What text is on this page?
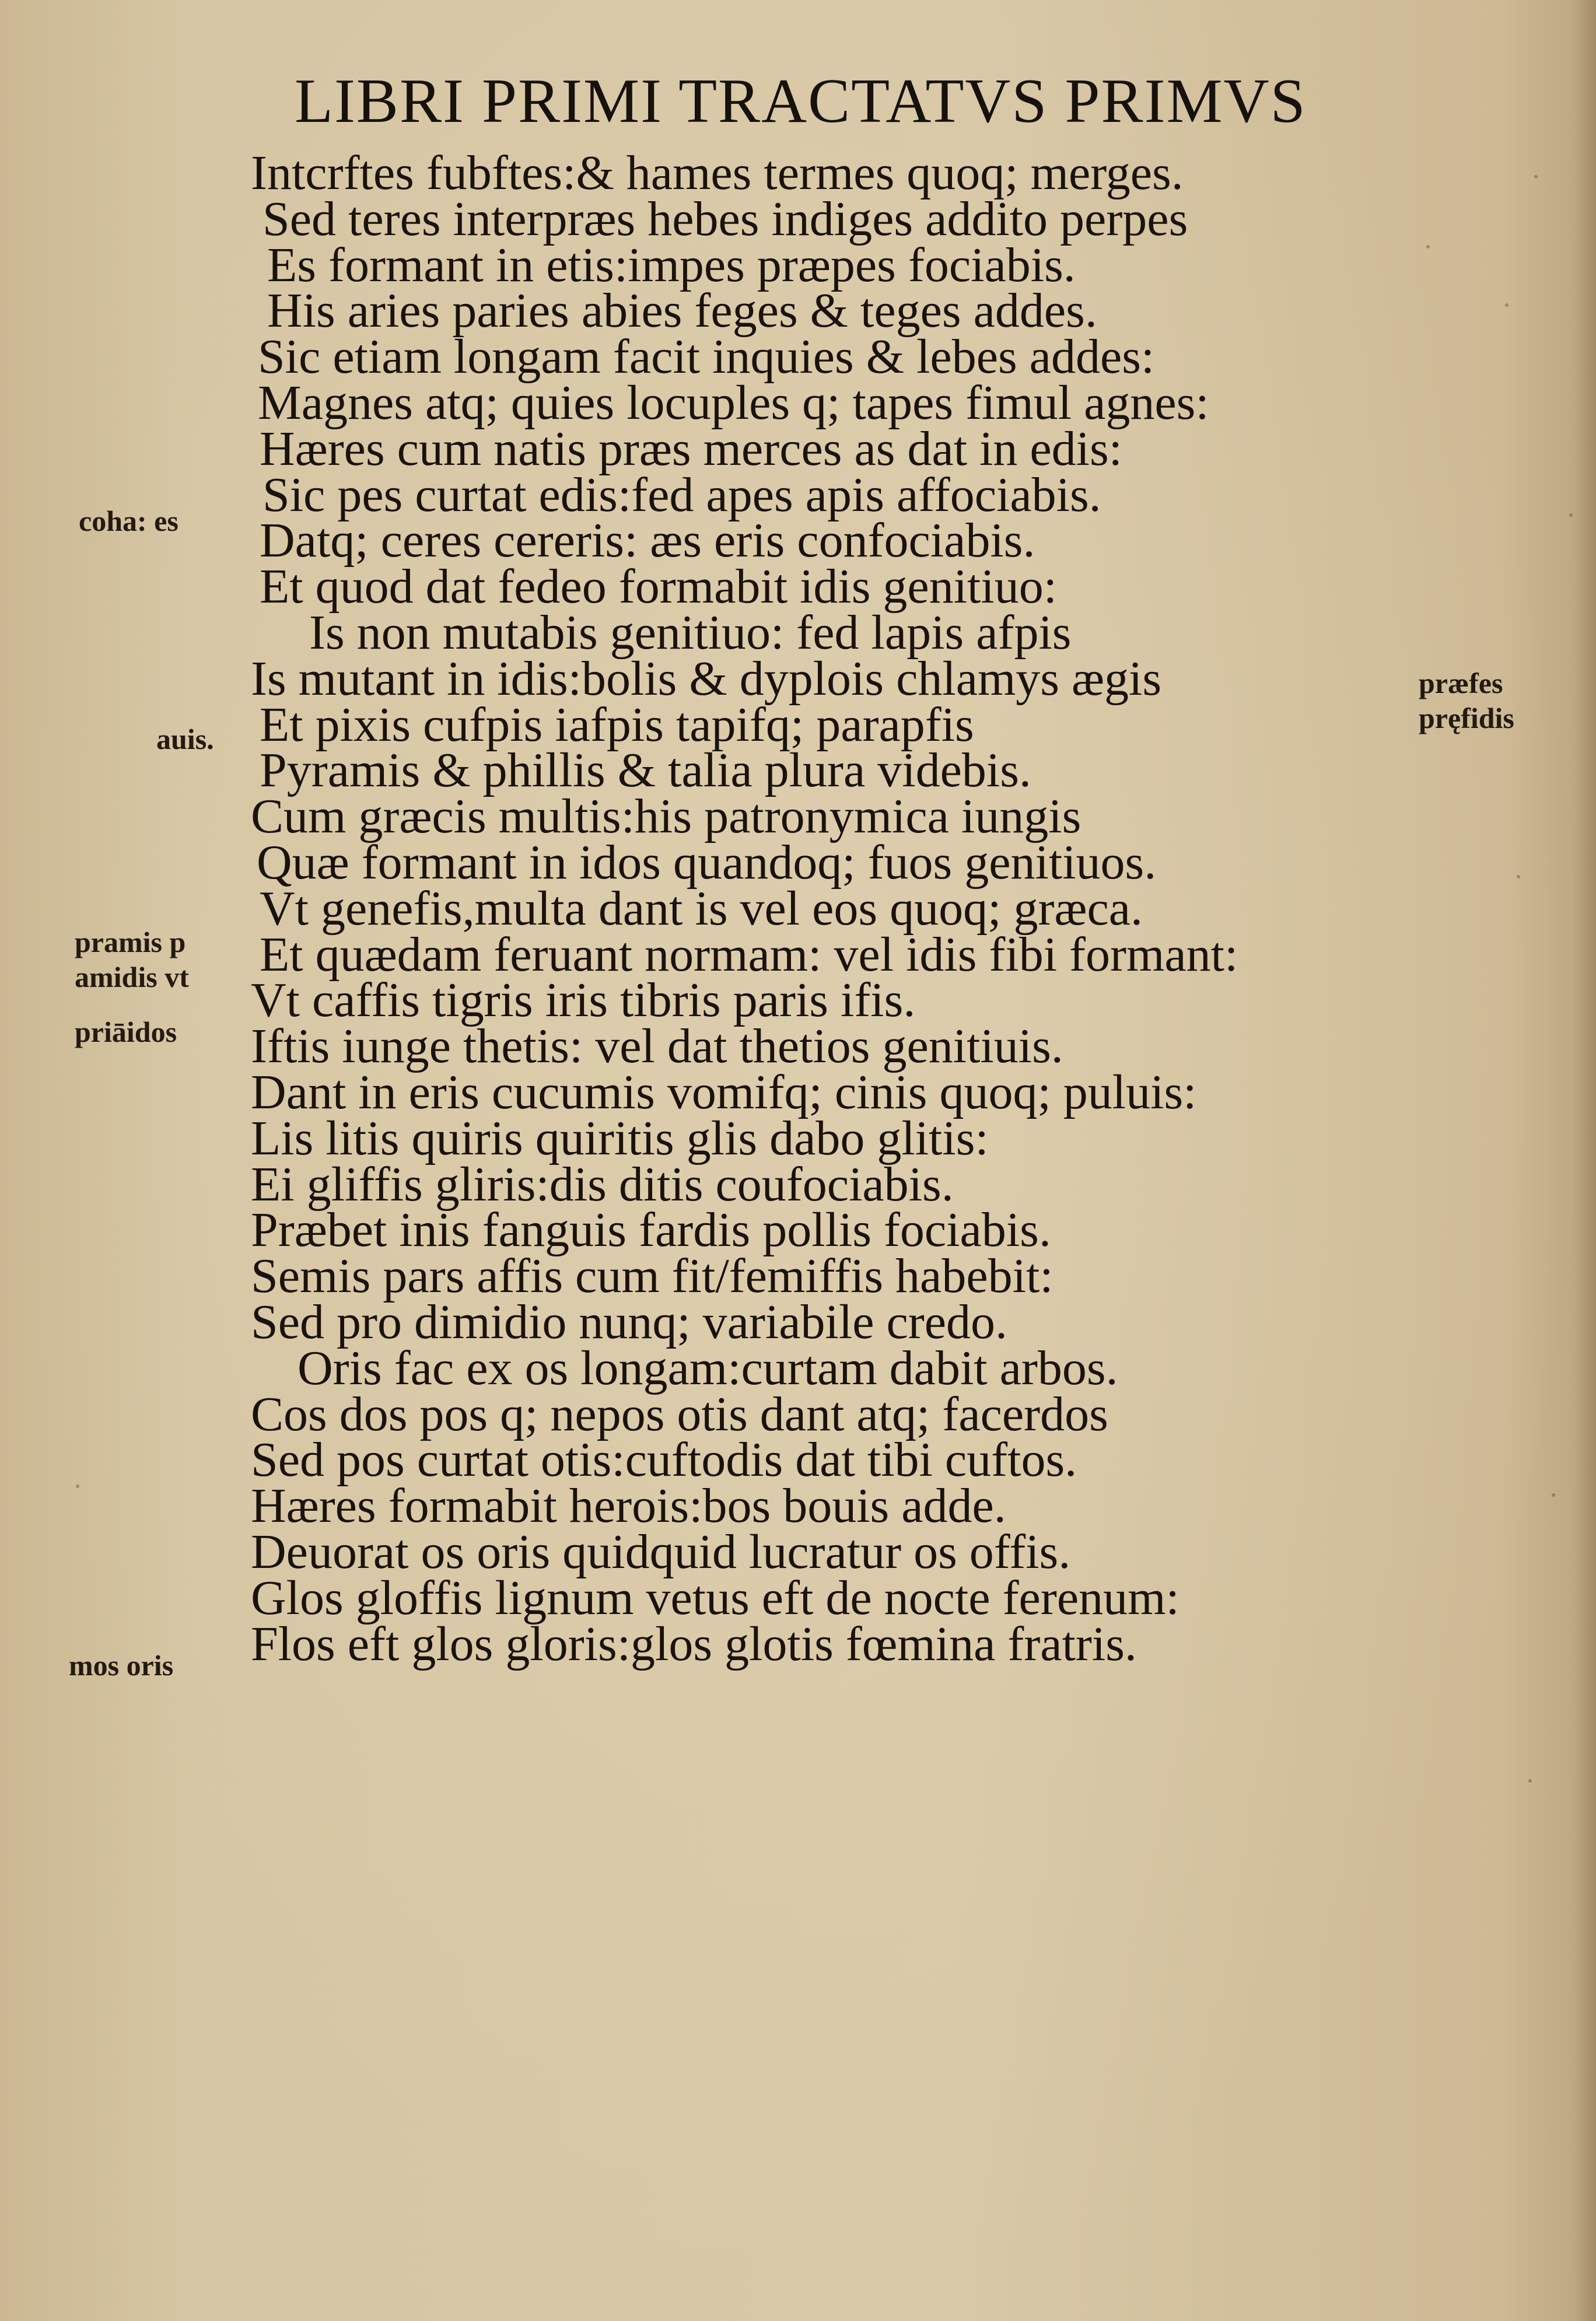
LIBRI PRIMI TRACTATVS PRIMVS
Intcrftes fubftes:& hames termes quoq; merges.
Sed teres interpræs hebes indiges addito perpes
Es formant in etis:impes præpes fociabis.
His aries paries abies feges & teges addes.
Sic etiam longam facit inquies & lebes addes:
Magnes atq; quies locuples q; tapes fimul agnes:
Hæres cum natis præs merces as dat in edis:
Sic pes curtat edis:fed apes apis affociabis.
Datq; ceres cereris: æs eris confociabis.
Et quod dat fedeo formabit idis genitiuo:
Is non mutabis genitiuo: fed lapis afpis
Is mutant in idis:bolis & dyplois chlamys ægis
Et pixis cufpis iafpis tapifq; parapfis
Pyramis & phillis & talia plura videbis.
Cum græcis multis:his patronymica iungis
Quæ formant in idos quandoq; fuos genitiuos.
Vt genefis,multa dant is vel eos quoq; græca.
Et quædam feruant normam: vel idis fibi formant:
Vt caffis tigris iris tibris paris ifis.
Iftis iunge thetis: vel dat thetios genitiuis.
Dant in eris cucumis vomifq; cinis quoq; puluis:
Lis litis quiris quiritis glis dabo glitis:
Ei gliffis gliris:dis ditis coufociabis.
Præbet inis fanguis fardis pollis fociabis.
Semis pars affis cum fit/femiffis habebit:
Sed pro dimidio nunq; variabile credo.
Oris fac ex os longam:curtam dabit arbos.
Cos dos pos q; nepos otis dant atq; facerdos
Sed pos curtat otis:cuftodis dat tibi cuftos.
Hæres formabit herois:bos bouis adde.
Deuorat os oris quidquid lucratur os offis.
Glos gloffis lignum vetus eft de nocte ferenum:
Flos eft glos gloris:glos glotis fœmina fratris.
coha: es
auis.
pramis p
amidis vt
priāidos
mos oris
præfes
pręfidis
